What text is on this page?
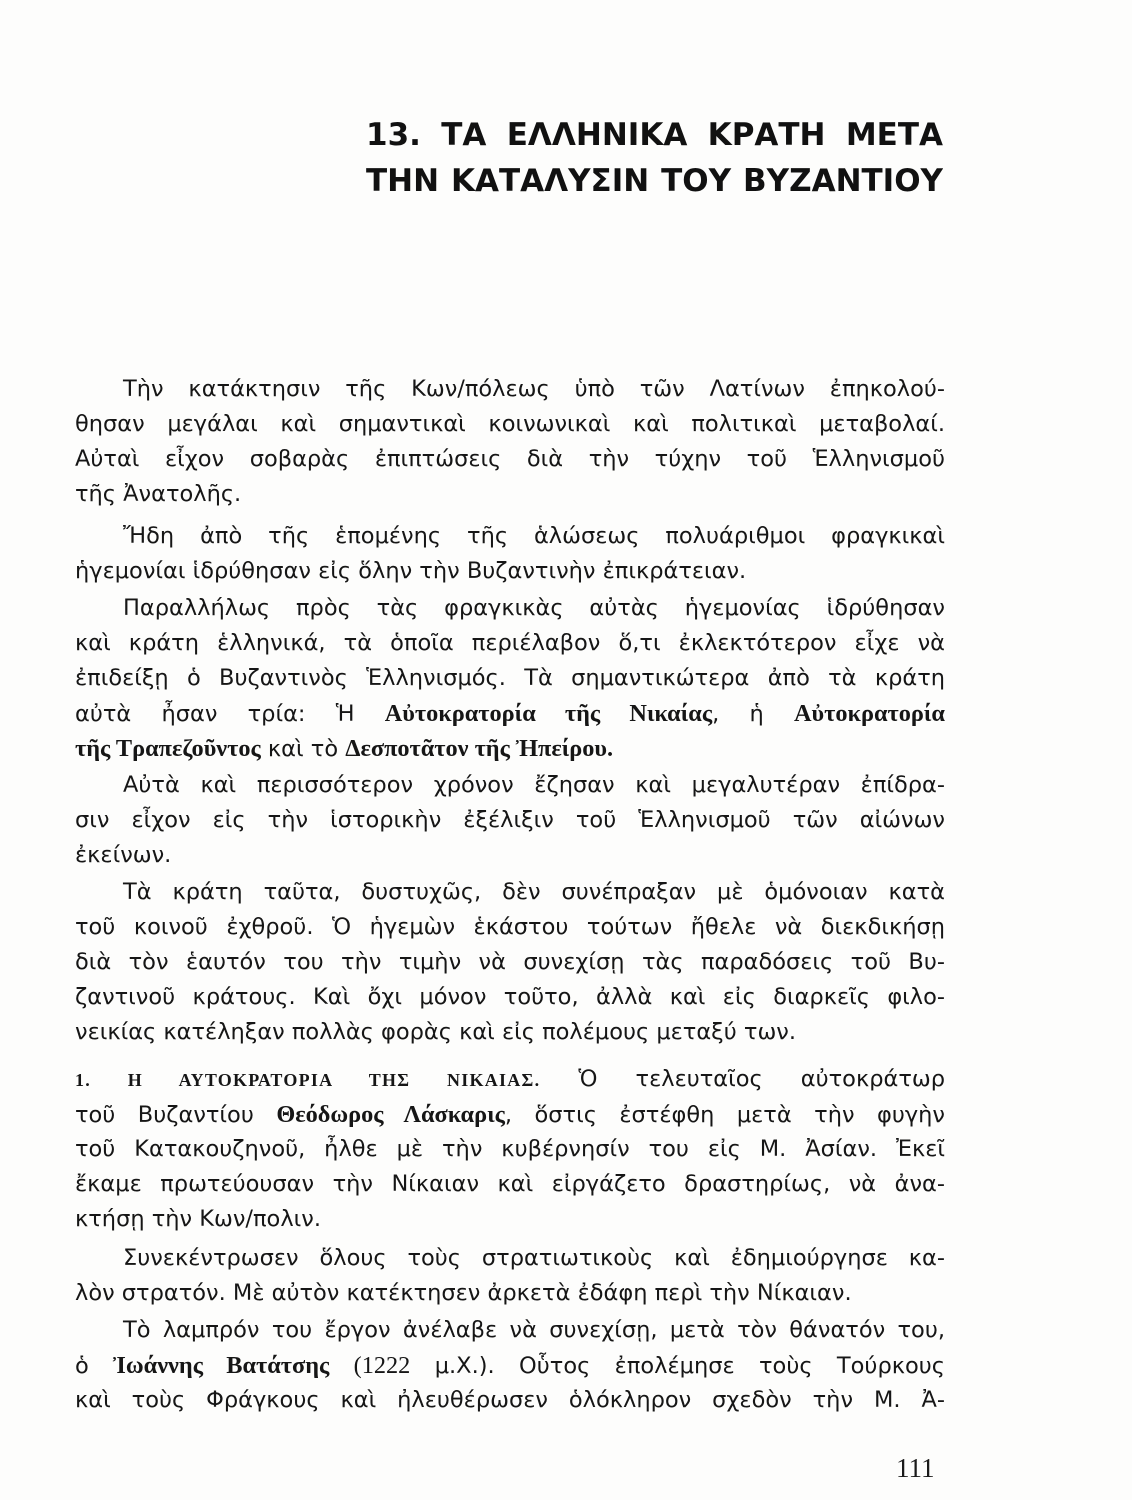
13. ΤΑ ΕΛΛΗΝΙΚΑ ΚΡΑΤΗ ΜΕΤΑ
ΤΗΝ ΚΑΤΑΛΥΣΙΝ ΤΟΥ ΒΥΖΑΝΤΙΟΥ
Τὴν κατάκτησιν τῆς Κων/πόλεως ὑπὸ τῶν Λατίνων ἐπηκολού-
θησαν μεγάλαι καὶ σημαντικαὶ κοινωνικαὶ καὶ πολιτικαὶ μεταβολαί.
Αὐταὶ εἶχον σοβαρὰς ἐπιπτώσεις διὰ τὴν τύχην τοῦ Ἑλληνισμοῦ
τῆς Ἀνατολῆς.
Ἤδη ἀπὸ τῆς ἑπομένης τῆς ἁλώσεως πολυάριθμοι φραγκικαὶ
ἡγεμονίαι ἱδρύθησαν εἰς ὅλην τὴν Βυζαντινὴν ἐπικράτειαν.
Παραλλήλως πρὸς τὰς φραγκικὰς αὐτὰς ἡγεμονίας ἱδρύθησαν
καὶ κράτη ἑλληνικά, τὰ ὁποῖα περιέλαβον ὅ,τι ἐκλεκτότερον εἶχε νὰ
ἐπιδείξῃ ὁ Βυζαντινὸς Ἑλληνισμός. Τὰ σημαντικώτερα ἀπὸ τὰ κράτη
αὐτὰ ἦσαν τρία: Ἡ Αὐτοκρατορία τῆς Νικαίας, ἡ Αὐτοκρατορία
τῆς Τραπεζοῦντος καὶ τὸ Δεσποτᾶτον τῆς Ἠπείρου.
Αὐτὰ καὶ περισσότερον χρόνον ἔζησαν καὶ μεγαλυτέραν ἐπίδρα-
σιν εἶχον εἰς τὴν ἱστορικὴν ἐξέλιξιν τοῦ Ἑλληνισμοῦ τῶν αἰώνων
ἐκείνων.
Τὰ κράτη ταῦτα, δυστυχῶς, δὲν συνέπραξαν μὲ ὁμόνοιαν κατὰ
τοῦ κοινοῦ ἐχθροῦ. Ὁ ἡγεμὼν ἑκάστου τούτων ἤθελε νὰ διεκδικήσῃ
διὰ τὸν ἑαυτόν του τὴν τιμὴν νὰ συνεχίσῃ τὰς παραδόσεις τοῦ Βυ-
ζαντινοῦ κράτους. Καὶ ὄχι μόνον τοῦτο, ἀλλὰ καὶ εἰς διαρκεῖς φιλο-
νεικίας κατέληξαν πολλὰς φορὰς καὶ εἰς πολέμους μεταξύ των.
1. Η ΑΥΤΟΚΡΑΤΟΡΙΑ ΤΗΣ ΝΙΚΑΙΑΣ. Ὁ τελευταῖος αὐτοκράτωρ
τοῦ Βυζαντίου Θεόδωρος Λάσκαρις, ὅστις ἐστέφθη μετὰ τὴν φυγὴν
τοῦ Κατακουζηνοῦ, ἦλθε μὲ τὴν κυβέρνησίν του εἰς Μ. Ἀσίαν. Ἐκεῖ
ἔκαμε πρωτεύουσαν τὴν Νίκαιαν καὶ εἰργάζετο δραστηρίως, νὰ ἀνα-
κτήσῃ τὴν Κων/πολιν.
Συνεκέντρωσεν ὅλους τοὺς στρατιωτικοὺς καὶ ἐδημιούργησε κα-
λὸν στρατόν. Μὲ αὐτὸν κατέκτησεν ἀρκετὰ ἐδάφη περὶ τὴν Νίκαιαν.
Τὸ λαμπρόν του ἔργον ἀνέλαβε νὰ συνεχίσῃ, μετὰ τὸν θάνατόν του,
ὁ Ἰωάννης Βατάτσης (1222 μ.Χ.). Οὗτος ἐπολέμησε τοὺς Τούρκους
καὶ τοὺς Φράγκους καὶ ἠλευθέρωσεν ὁλόκληρον σχεδὸν τὴν Μ. Ἀ-
111
